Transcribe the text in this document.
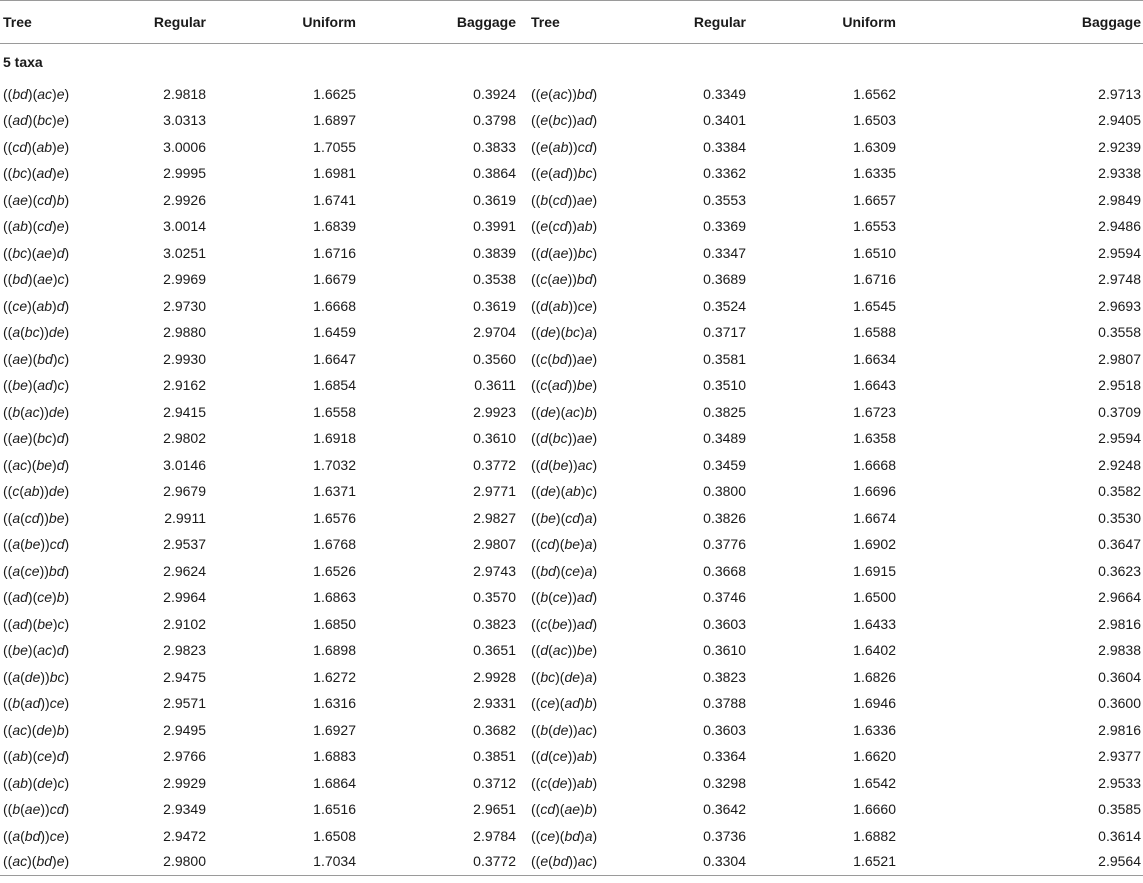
Tree	Regular	Uniform	Baggage	Tree	Regular	Uniform	Baggage
5 taxa							
((bd)(ac)e)	2.9818	1.6625	0.3924	((e(ac))bd)	0.3349	1.6562	2.9713
((ad)(bc)e)	3.0313	1.6897	0.3798	((e(bc))ad)	0.3401	1.6503	2.9405
((cd)(ab)e)	3.0006	1.7055	0.3833	((e(ab))cd)	0.3384	1.6309	2.9239
((bc)(ad)e)	2.9995	1.6981	0.3864	((e(ad))bc)	0.3362	1.6335	2.9338
((ae)(cd)b)	2.9926	1.6741	0.3619	((b(cd))ae)	0.3553	1.6657	2.9849
((ab)(cd)e)	3.0014	1.6839	0.3991	((e(cd))ab)	0.3369	1.6553	2.9486
((bc)(ae)d)	3.0251	1.6716	0.3839	((d(ae))bc)	0.3347	1.6510	2.9594
((bd)(ae)c)	2.9969	1.6679	0.3538	((c(ae))bd)	0.3689	1.6716	2.9748
((ce)(ab)d)	2.9730	1.6668	0.3619	((d(ab))ce)	0.3524	1.6545	2.9693
((a(bc))de)	2.9880	1.6459	2.9704	((de)(bc)a)	0.3717	1.6588	0.3558
((ae)(bd)c)	2.9930	1.6647	0.3560	((c(bd))ae)	0.3581	1.6634	2.9807
((be)(ad)c)	2.9162	1.6854	0.3611	((c(ad))be)	0.3510	1.6643	2.9518
((b(ac))de)	2.9415	1.6558	2.9923	((de)(ac)b)	0.3825	1.6723	0.3709
((ae)(bc)d)	2.9802	1.6918	0.3610	((d(bc))ae)	0.3489	1.6358	2.9594
((ac)(be)d)	3.0146	1.7032	0.3772	((d(be))ac)	0.3459	1.6668	2.9248
((c(ab))de)	2.9679	1.6371	2.9771	((de)(ab)c)	0.3800	1.6696	0.3582
((a(cd))be)	2.9911	1.6576	2.9827	((be)(cd)a)	0.3826	1.6674	0.3530
((a(be))cd)	2.9537	1.6768	2.9807	((cd)(be)a)	0.3776	1.6902	0.3647
((a(ce))bd)	2.9624	1.6526	2.9743	((bd)(ce)a)	0.3668	1.6915	0.3623
((ad)(ce)b)	2.9964	1.6863	0.3570	((b(ce))ad)	0.3746	1.6500	2.9664
((ad)(be)c)	2.9102	1.6850	0.3823	((c(be))ad)	0.3603	1.6433	2.9816
((be)(ac)d)	2.9823	1.6898	0.3651	((d(ac))be)	0.3610	1.6402	2.9838
((a(de))bc)	2.9475	1.6272	2.9928	((bc)(de)a)	0.3823	1.6826	0.3604
((b(ad))ce)	2.9571	1.6316	2.9331	((ce)(ad)b)	0.3788	1.6946	0.3600
((ac)(de)b)	2.9495	1.6927	0.3682	((b(de))ac)	0.3603	1.6336	2.9816
((ab)(ce)d)	2.9766	1.6883	0.3851	((d(ce))ab)	0.3364	1.6620	2.9377
((ab)(de)c)	2.9929	1.6864	0.3712	((c(de))ab)	0.3298	1.6542	2.9533
((b(ae))cd)	2.9349	1.6516	2.9651	((cd)(ae)b)	0.3642	1.6660	0.3585
((a(bd))ce)	2.9472	1.6508	2.9784	((ce)(bd)a)	0.3736	1.6882	0.3614
((ac)(bd)e)	2.9800	1.7034	0.3772	((e(bd))ac)	0.3304	1.6521	2.9564
